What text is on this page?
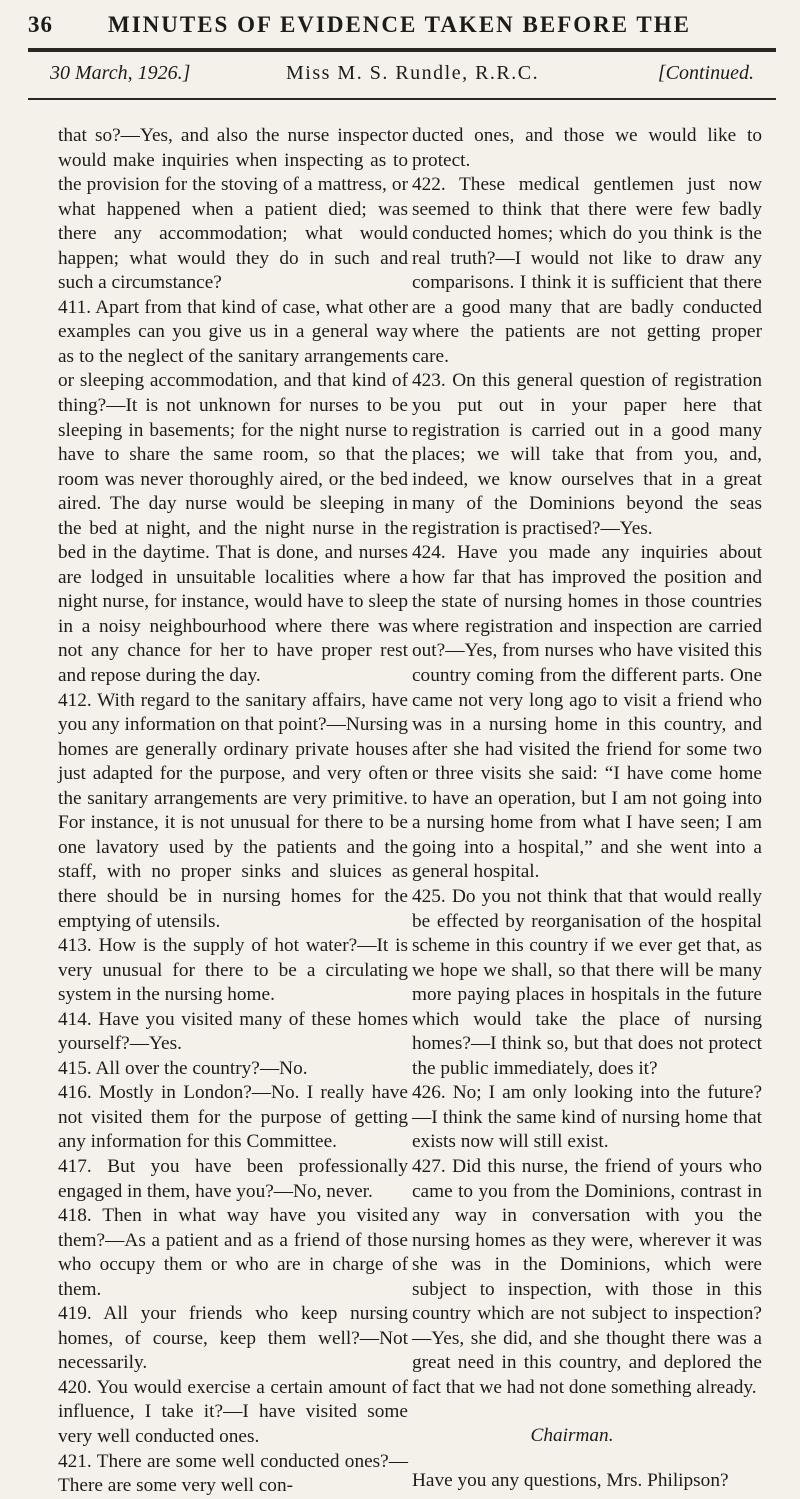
36 MINUTES OF EVIDENCE TAKEN BEFORE THE
30 March, 1926.]	Miss M. S. Rundle, R.R.C.	[Continued.

that so?—Yes, and also the nurse inspector would make inquiries when inspecting as to the provision for the stoving of a mattress, or what happened when a patient died; was there any accommodation; what would happen; what would they do in such and such a circumstance?

411. Apart from that kind of case, what other examples can you give us in a general way as to the neglect of the sanitary arrangements or sleeping accommodation, and that kind of thing?—It is not unknown for nurses to be sleeping in basements; for the night nurse to have to share the same room, so that the room was never thoroughly aired, or the bed aired. The day nurse would be sleeping in the bed at night, and the night nurse in the bed in the daytime. That is done, and nurses are lodged in unsuitable localities where a night nurse, for instance, would have to sleep in a noisy neighbourhood where there was not any chance for her to have proper rest and repose during the day.

412. With regard to the sanitary affairs, have you any information on that point?—Nursing homes are generally ordinary private houses just adapted for the purpose, and very often the sanitary arrangements are very primitive. For instance, it is not unusual for there to be one lavatory used by the patients and the staff, with no proper sinks and sluices as there should be in nursing homes for the emptying of utensils.

413. How is the supply of hot water?—It is very unusual for there to be a circulating system in the nursing home.

414. Have you visited many of these homes yourself?—Yes.

415. All over the country?—No.

416. Mostly in London?—No. I really have not visited them for the purpose of getting any information for this Committee.

417. But you have been professionally engaged in them, have you?—No, never.

418. Then in what way have you visited them?—As a patient and as a friend of those who occupy them or who are in charge of them.

419. All your friends who keep nursing homes, of course, keep them well?—Not necessarily.

420. You would exercise a certain amount of influence, I take it?—I have visited some very well conducted ones.

421. There are some well conducted ones?—There are some very well con-

ducted ones, and those we would like to protect.

422. These medical gentlemen just now seemed to think that there were few badly conducted homes; which do you think is the real truth?—I would not like to draw any comparisons. I think it is sufficient that there are a good many that are badly conducted where the patients are not getting proper care.

423. On this general question of registration you put out in your paper here that registration is carried out in a good many places; we will take that from you, and, indeed, we know ourselves that in a great many of the Dominions beyond the seas registration is practised?—Yes.

424. Have you made any inquiries about how far that has improved the position and the state of nursing homes in those countries where registration and inspection are carried out?—Yes, from nurses who have visited this country coming from the different parts. One came not very long ago to visit a friend who was in a nursing home in this country, and after she had visited the friend for some two or three visits she said: “I have come home to have an operation, but I am not going into a nursing home from what I have seen; I am going into a hospital,” and she went into a general hospital.

425. Do you not think that that would really be effected by reorganisation of the hospital scheme in this country if we ever get that, as we hope we shall, so that there will be many more paying places in hospitals in the future which would take the place of nursing homes?—I think so, but that does not protect the public immediately, does it?

426. No; I am only looking into the future?—I think the same kind of nursing home that exists now will still exist.

427. Did this nurse, the friend of yours who came to you from the Dominions, contrast in any way in conversation with you the nursing homes as they were, wherever it was she was in the Dominions, which were subject to inspection, with those in this country which are not subject to inspection?—Yes, she did, and she thought there was a great need in this country, and deplored the fact that we had not done something already.

Chairman.

Have you any questions, Mrs. Philipson?
